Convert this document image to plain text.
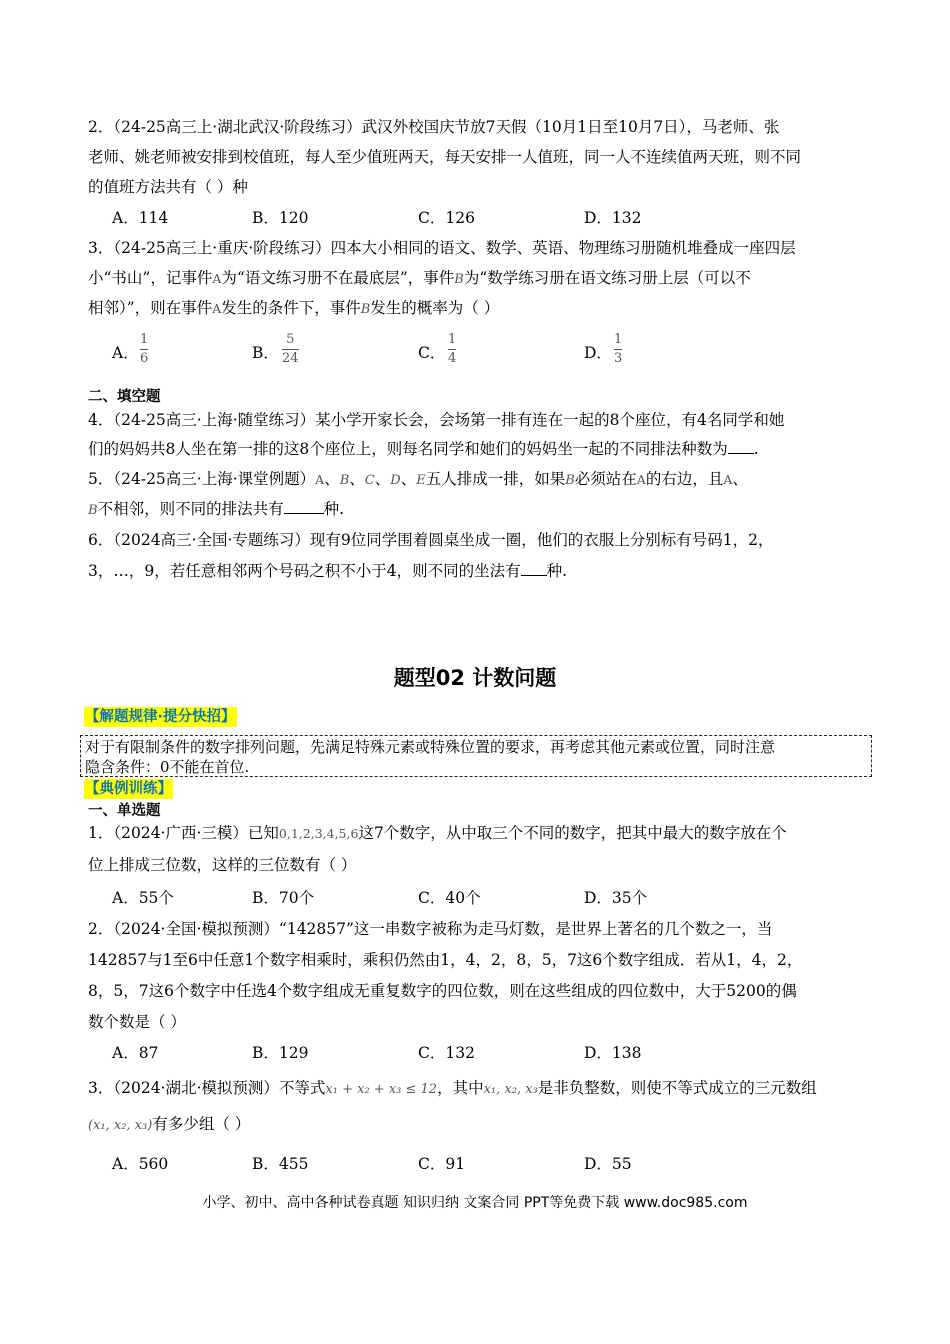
2．（24-25高三上·湖北武汉·阶段练习）武汉外校国庆节放7天假（10月1日至10月7日），马老师、张
老师、姚老师被安排到校值班，每人至少值班两天，每天安排一人值班，同一人不连续值两天班，则不同
的值班方法共有（ ）种
A．114	B．120	C．126	D．132
3．（24-25高三上·重庆·阶段练习）四本大小相同的语文、数学、英语、物理练习册随机堆叠成一座四层
小“书山”，记事件A为“语文练习册不在最底层”，事件B为“数学练习册在语文练习册上层（可以不
相邻）”，则在事件A发生的条件下，事件B发生的概率为（ ）
A．
1
6	B．
5
24	C．
1
4	D．
1
3
二、填空题
4．（24-25高三·上海·随堂练习）某小学开家长会，会场第一排有连在一起的8个座位，有4名同学和她
们的妈妈共8人坐在第一排的这8个座位上，则每名同学和她们的妈妈坐一起的不同排法种数为 .
5．（24-25高三·上海·课堂例题）A、B、C、D、E五人排成一排，如果B必须站在A的右边，且A、
B不相邻，则不同的排法共有	种.
6．（2024高三·全国·专题练习）现有9位同学围着圆桌坐成一圈，他们的衣服上分别标有号码1，2，
3，…，9，若任意相邻两个号码之积不小于4，则不同的坐法有 种.
题型02 计数问题
【解题规律·提分快招】
对于有限制条件的数字排列问题，先满足特殊元素或特殊位置的要求，再考虑其他元素或位置，同时注意
隐含条件：0不能在首位.
【典例训练】
一、单选题
1．（2024·广西·三模）已知0,1,2,3,4,5,6这7个数字，从中取三个不同的数字，把其中最大的数字放在个
位上排成三位数，这样的三位数有（ ）
A．55个	B．70个	C．40个	D．35个
2．（2024·全国·模拟预测）“142857”这一串数字被称为走马灯数，是世界上著名的几个数之一，当
142857与1至6中任意1个数字相乘时，乘积仍然由1，4，2，8，5，7这6个数字组成．若从1，4，2，
8，5，7这6个数字中任选4个数字组成无重复数字的四位数，则在这些组成的四位数中，大于5200的偶
数个数是（ ）
A．87	B．129	C．132	D．138
3．（2024·湖北·模拟预测）不等式x₁ + x₂ + x₃ ≤ 12，其中x₁, x₂, x₃是非负整数，则使不等式成立的三元数组
(x₁, x₂, x₃)有多少组（ ）
A．560	B．455	C．91	D．55
小学、初中、高中各种试卷真题 知识归纳 文案合同 PPT等免费下载 www.doc985.com
